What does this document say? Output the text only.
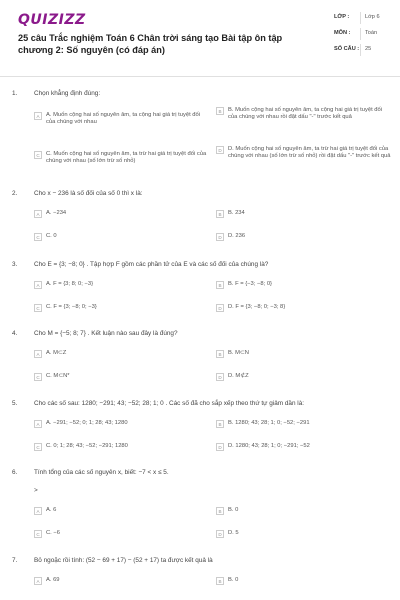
QUIZIZZ
25 câu Trắc nghiệm Toán 6 Chân trời sáng tạo Bài tập ôn tập chương 2: Số nguyên (có đáp án)
LỚP :	Lớp 6
MÔN :	Toán
SỐ CÂU :	25
1.	Chọn khẳng định đúng:
A	A. Muốn cộng hai số nguyên âm, ta cộng hai giá trị tuyệt đối của chúng với nhau
B	B. Muốn cộng hai số nguyên âm, ta cộng hai giá trị tuyệt đối của chúng với nhau rồi đặt dấu "-" trước kết quả
C	C. Muốn cộng hai số nguyên âm, ta trừ hai giá trị tuyệt đối của chúng với nhau (số lớn trừ số nhỏ)
D	D. Muốn cộng hai số nguyên âm, ta trừ hai giá trị tuyệt đối của chúng với nhau (số lớn trừ số nhỏ) rồi đặt dấu "-" trước kết quả
2.	Cho x − 236 là số đối của số 0 thì x là:
A	A. −234	B	B. 234
C	C. 0	D	D. 236
3.	Cho E = {3; −8; 0} . Tập hợp F gồm các phần tử của E và các số đối của chúng là?
A	A. F = {3; 8; 0; −3}	B	B. F = {−3; −8; 0}
C	C. F = {3; −8; 0; −3}	D	D. F = {3; −8; 0; −3; 8}
4.	Cho M = {−5; 8; 7} . Kết luận nào sau đây là đúng?
A	A. M⊂Z	B	B. M⊂N
C	C. M⊂N*	D	D. M⊄Z
5.	Cho các số sau: 1280; −291; 43; −52; 28; 1; 0 . Các số đã cho sắp xếp theo thứ tự giảm dần là:
A	A. −291; −52; 0; 1; 28; 43; 1280	B	B. 1280; 43; 28; 1; 0; −52; −291
C	C. 0; 1; 28; 43; −52; −291; 1280	D	D. 1280; 43; 28; 1; 0; −291; −52
6.	Tính tổng của các số nguyên x, biết: −7 < x ≤ 5.
>
A	A. 6	B	B. 0
C	C. −6	D	D. 5
7.	Bỏ ngoặc rồi tính: (52 − 69 + 17) − (52 + 17) ta được kết quả là
A	A. 69	B	B. 0
